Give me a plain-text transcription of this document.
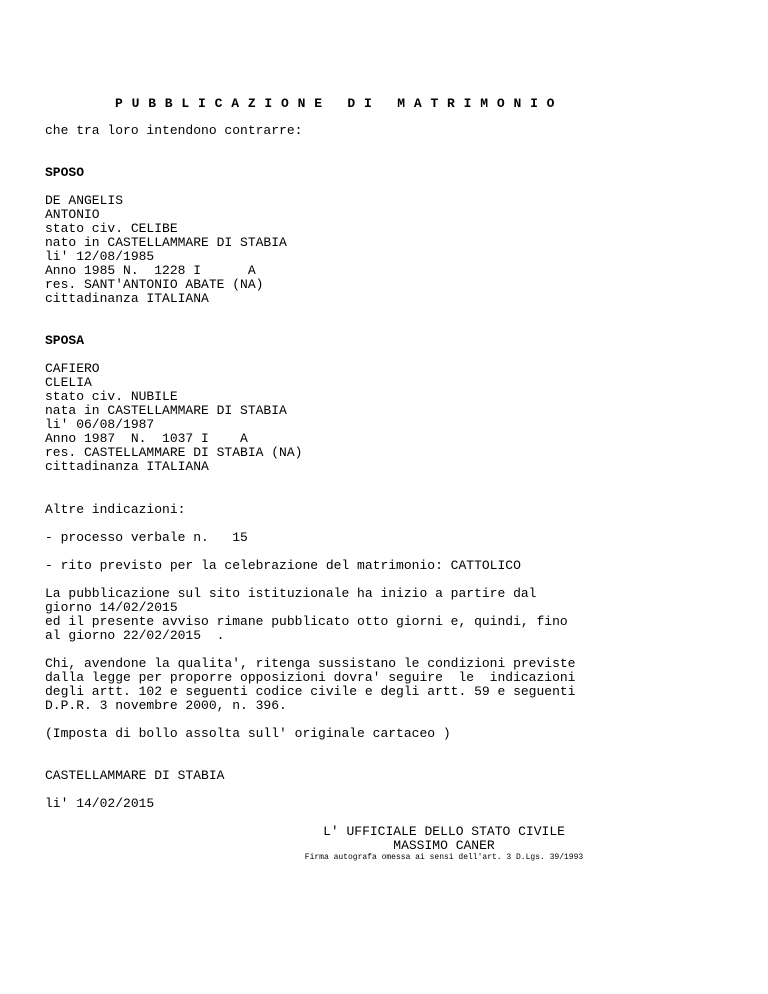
P U B B L I C A Z I O N E   D I   M A T R I M O N I O
che tra loro intendono contrarre:
SPOSO
DE ANGELIS
ANTONIO
stato civ. CELIBE
nato in CASTELLAMMARE DI STABIA
li' 12/08/1985
Anno 1985 N.  1228 I      A
res. SANT'ANTONIO ABATE (NA)
cittadinanza ITALIANA
SPOSA
CAFIERO
CLELIA
stato civ. NUBILE
nata in CASTELLAMMARE DI STABIA
li' 06/08/1987
Anno 1987  N.  1037 I    A
res. CASTELLAMMARE DI STABIA (NA)
cittadinanza ITALIANA
Altre indicazioni:
- processo verbale n.   15
- rito previsto per la celebrazione del matrimonio: CATTOLICO
La pubblicazione sul sito istituzionale ha inizio a partire dal
giorno 14/02/2015
ed il presente avviso rimane pubblicato otto giorni e, quindi, fino
al giorno 22/02/2015  .
Chi, avendone la qualita', ritenga sussistano le condizioni previste
dalla legge per proporre opposizioni dovra' seguire  le  indicazioni
degli artt. 102 e seguenti codice civile e degli artt. 59 e seguenti
D.P.R. 3 novembre 2000, n. 396.
(Imposta di bollo assolta sull' originale cartaceo )
CASTELLAMMARE DI STABIA
li' 14/02/2015
L' UFFICIALE DELLO STATO CIVILE
MASSIMO CANER
Firma autografa omessa ai sensi dell'art. 3 D.Lgs. 39/1993
